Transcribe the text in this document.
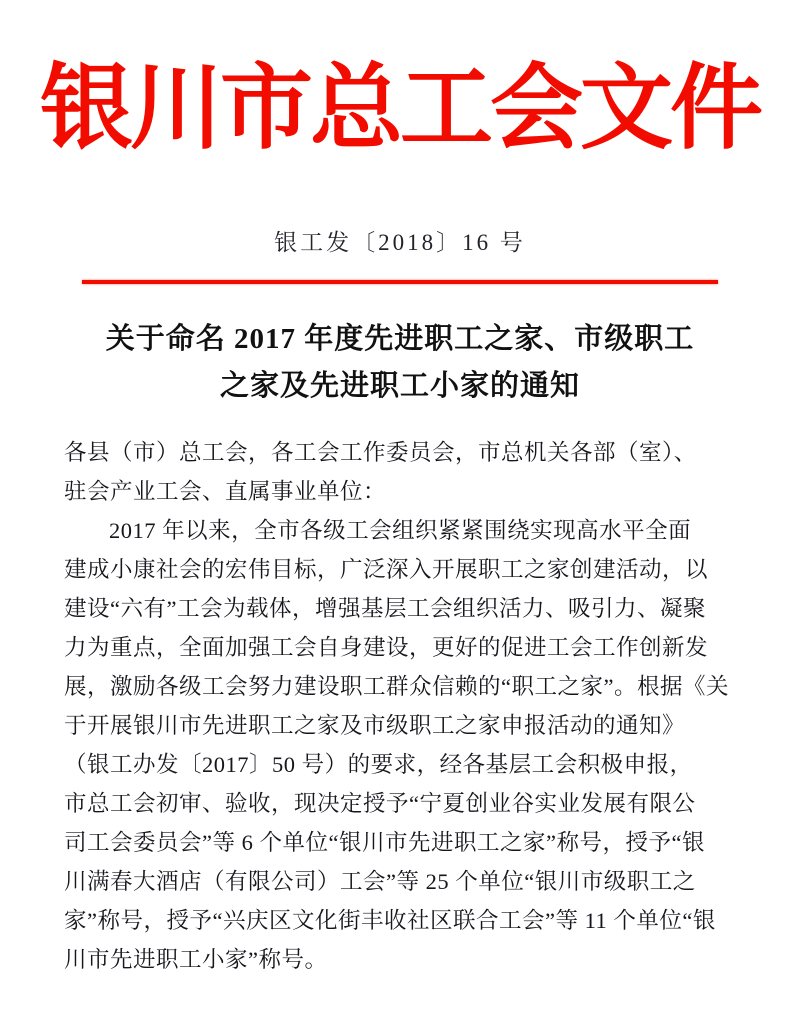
银川市总工会文件
银工发〔2018〕16 号
关于命名 2017 年度先进职工之家、市级职工
之家及先进职工小家的通知
各县（市）总工会，各工会工作委员会，市总机关各部（室）、
驻会产业工会、直属事业单位：
2017 年以来，全市各级工会组织紧紧围绕实现高水平全面
建成小康社会的宏伟目标，广泛深入开展职工之家创建活动，以
建设“六有”工会为载体，增强基层工会组织活力、吸引力、凝聚
力为重点，全面加强工会自身建设，更好的促进工会工作创新发
展，激励各级工会努力建设职工群众信赖的“职工之家”。根据《关
于开展银川市先进职工之家及市级职工之家申报活动的通知》
（银工办发〔2017〕50 号）的要求，经各基层工会积极申报，
市总工会初审、验收，现决定授予“宁夏创业谷实业发展有限公
司工会委员会”等 6 个单位“银川市先进职工之家”称号，授予“银
川满春大酒店（有限公司）工会”等 25 个单位“银川市级职工之
家”称号，授予“兴庆区文化街丰收社区联合工会”等 11 个单位“银
川市先进职工小家”称号。
